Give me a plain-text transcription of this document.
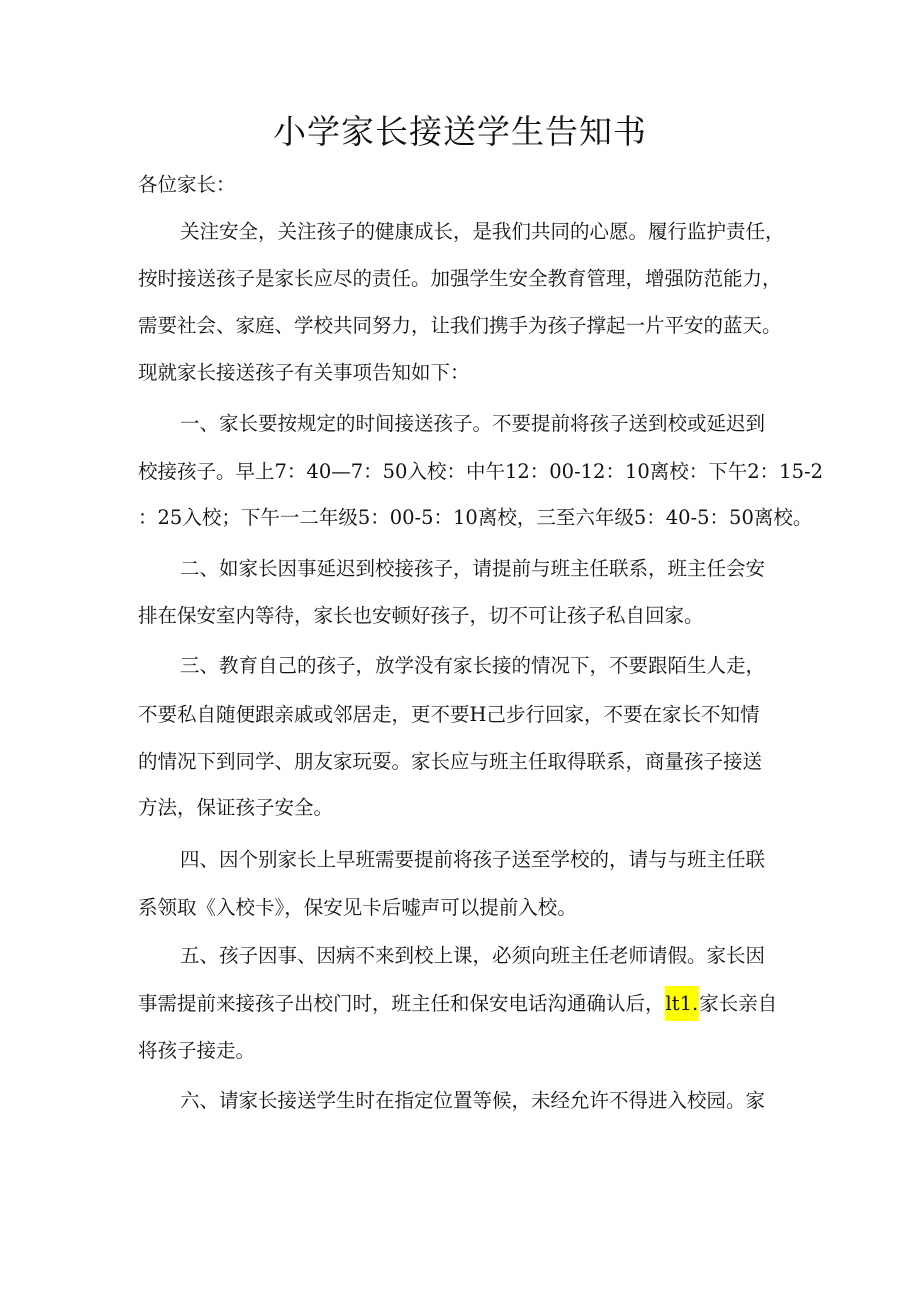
小学家长接送学生告知书
各位家长：
关注安全，关注孩子的健康成长，是我们共同的心愿。履行监护责任，
按时接送孩子是家长应尽的责任。加强学生安全教育管理，增强防范能力，
需要社会、家庭、学校共同努力，让我们携手为孩子撑起一片平安的蓝天。
现就家长接送孩子有关事项告知如下：
一、家长要按规定的时间接送孩子。不要提前将孩子送到校或延迟到
校接孩子。早上7：40—7：50入校：中午12：00-12：10离校：下午2：15-2
：25入校；下午一二年级5：00-5：10离校，三至六年级5：40-5：50离校。
二、如家长因事延迟到校接孩子，请提前与班主任联系，班主任会安
排在保安室内等待，家长也安顿好孩子，切不可让孩子私自回家。
三、教育自己的孩子，放学没有家长接的情况下，不要跟陌生人走，
不要私自随便跟亲戚或邻居走，更不要H己步行回家，不要在家长不知情
的情况下到同学、朋友家玩耍。家长应与班主任取得联系，商量孩子接送
方法，保证孩子安全。
四、因个别家长上早班需要提前将孩子送至学校的，请与与班主任联
系领取《入校卡》，保安见卡后嘘声可以提前入校。
五、孩子因事、因病不来到校上课，必须向班主任老师请假。家长因
事需提前来接孩子出校门时，班主任和保安电话沟通确认后，lt1.家长亲自
将孩子接走。
六、请家长接送学生时在指定位置等候，未经允许不得进入校园。家
